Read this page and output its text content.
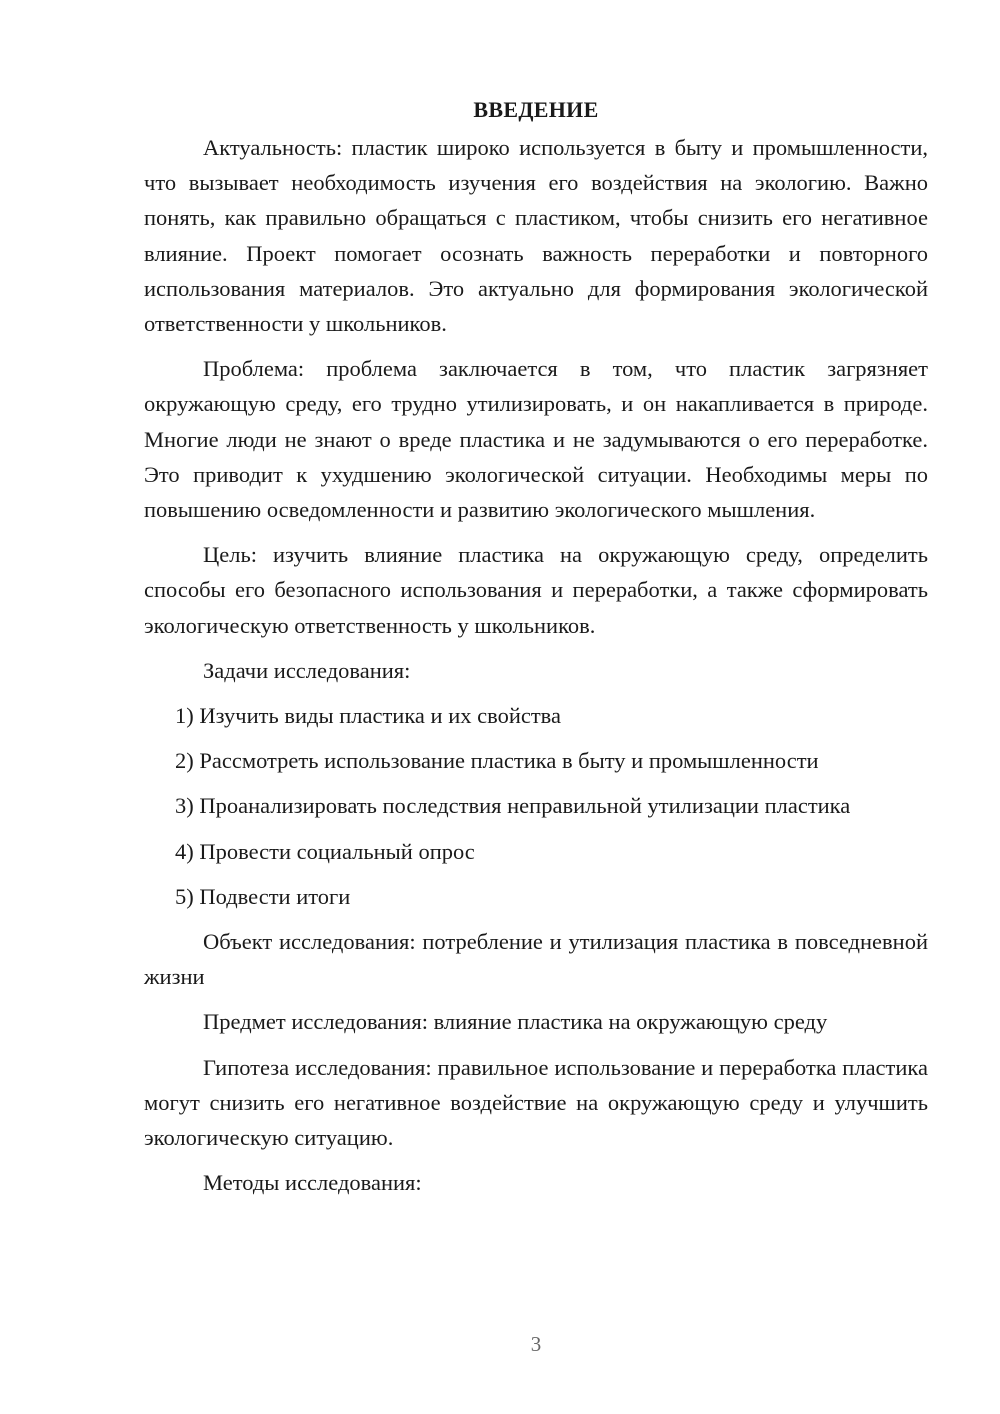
ВВЕДЕНИЕ

Актуальность: пластик широко используется в быту и промышленности, что вызывает необходимость изучения его воздействия на экологию. Важно понять, как правильно обращаться с пластиком, чтобы снизить его негативное влияние. Проект помогает осознать важность переработки и повторного использования материалов. Это актуально для формирования экологической ответственности у школьников.

Проблема: проблема заключается в том, что пластик загрязняет окружающую среду, его трудно утилизировать, и он накапливается в природе. Многие люди не знают о вреде пластика и не задумываются о его переработке. Это приводит к ухудшению экологической ситуации. Необходимы меры по повышению осведомленности и развитию экологического мышления.

Цель: изучить влияние пластика на окружающую среду, определить способы его безопасного использования и переработки, а также сформировать экологическую ответственность у школьников.

Задачи исследования:

1) Изучить виды пластика и их свойства
2) Рассмотреть использование пластика в быту и промышленности
3) Проанализировать последствия неправильной утилизации пластика
4) Провести социальный опрос
5) Подвести итоги

Объект исследования: потребление и утилизация пластика в повседневной жизни

Предмет исследования: влияние пластика на окружающую среду

Гипотеза исследования: правильное использование и переработка пластика могут снизить его негативное воздействие на окружающую среду и улучшить экологическую ситуацию.

Методы исследования:

3
